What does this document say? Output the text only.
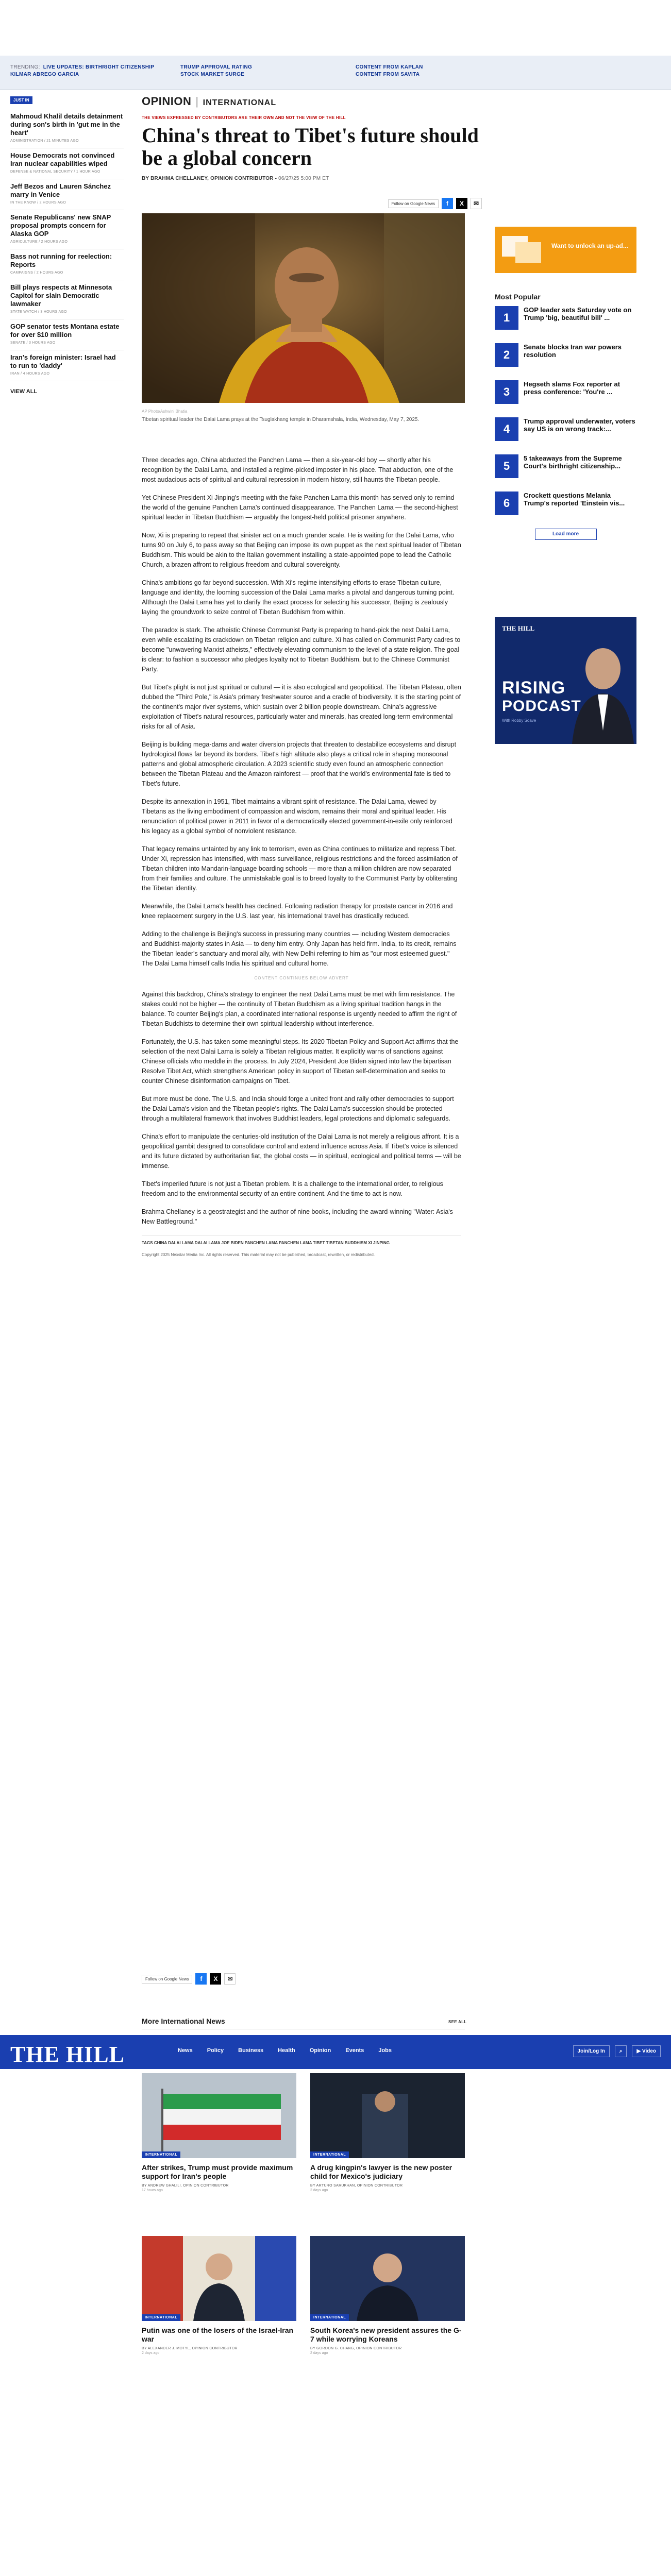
TRENDING: LIVE UPDATES: BIRTHRIGHT CITIZENSHIP
KILMAR ABREGO GARCIA
TRUMP APPROVAL RATING
STOCK MARKET SURGE
CONTENT FROM KAPLAN
CONTENT FROM SAVITA
JUST IN
Mahmoud Khalil details detainment during son's birth in 'gut me in the heart'
ADMINISTRATION / 21 MINUTES AGO
House Democrats not convinced Iran nuclear capabilities wiped
DEFENSE & NATIONAL SECURITY / 1 HOUR AGO
Jeff Bezos and Lauren Sánchez marry in Venice
IN THE KNOW / 2 HOURS AGO
Senate Republicans' new SNAP proposal prompts concern for Alaska GOP
AGRICULTURE / 2 HOURS AGO
Bass not running for reelection: Reports
CAMPAIGNS / 2 HOURS AGO
Bill plays respects at Minnesota Capitol for slain Democratic lawmaker
STATE WATCH / 3 HOURS AGO
GOP senator tests Montana estate for over $10 million
SENATE / 3 HOURS AGO
Iran's foreign minister: Israel had to run to 'daddy'
IRAN / 4 HOURS AGO
VIEW ALL
OPINION | INTERNATIONAL
THE VIEWS EXPRESSED BY CONTRIBUTORS ARE THEIR OWN AND NOT THE VIEW OF THE HILL
China's threat to Tibet's future should be a global concern
BY BRAHMA CHELLANEY, OPINION CONTRIBUTOR - 06/27/25 5:00 PM ET
Follow on Google News	f	X	✉
AP Photo/Ashwini Bhatia
Tibetan spiritual leader the Dalai Lama prays at the Tsuglakhang temple in Dharamshala, India, Wednesday, May 7, 2025.

Three decades ago, China abducted the Panchen Lama — then a six-year-old boy — shortly after his recognition by the Dalai Lama, and installed a regime-picked imposter in his place. That abduction, one of the most audacious acts of spiritual and cultural repression in modern history, still haunts the Tibetan people.

Yet Chinese President Xi Jinping's meeting with the fake Panchen Lama this month has served only to remind the world of the genuine Panchen Lama's continued disappearance. The Panchen Lama — the second-highest spiritual leader in Tibetan Buddhism — arguably the longest-held political prisoner anywhere.

Now, Xi is preparing to repeat that sinister act on a much grander scale. He is waiting for the Dalai Lama, who turns 90 on July 6, to pass away so that Beijing can impose its own puppet as the next spiritual leader of Tibetan Buddhism. This would be akin to the Italian government installing a state-appointed pope to lead the Catholic Church, a brazen affront to religious freedom and cultural sovereignty.

China's ambitions go far beyond succession. With Xi's regime intensifying efforts to erase Tibetan culture, language and identity, the looming succession of the Dalai Lama marks a pivotal and dangerous turning point. Although the Dalai Lama has yet to clarify the exact process for selecting his successor, Beijing is zealously laying the groundwork to seize control of Tibetan Buddhism from within.

The paradox is stark. The atheistic Chinese Communist Party is preparing to hand-pick the next Dalai Lama, even while escalating its crackdown on Tibetan religion and culture. Xi has called on Communist Party cadres to become "unwavering Marxist atheists," effectively elevating communism to the level of a state religion. The goal is clear: to fashion a successor who pledges loyalty not to Tibetan Buddhism, but to the Chinese Communist Party.

But Tibet's plight is not just spiritual or cultural — it is also ecological and geopolitical. The Tibetan Plateau, often dubbed the "Third Pole," is Asia's primary freshwater source and a cradle of biodiversity. It is the starting point of the continent's major river systems, which sustain over 2 billion people downstream. China's aggressive exploitation of Tibet's natural resources, particularly water and minerals, has created long-term environmental risks for all of Asia.

Beijing is building mega-dams and water diversion projects that threaten to destabilize ecosystems and disrupt hydrological flows far beyond its borders. Tibet's high altitude also plays a critical role in shaping monsoonal patterns and global atmospheric circulation. A 2023 scientific study even found an atmospheric connection between the Tibetan Plateau and the Amazon rainforest — proof that the world's environmental fate is tied to Tibet's future.

Despite its annexation in 1951, Tibet maintains a vibrant spirit of resistance. The Dalai Lama, viewed by Tibetans as the living embodiment of compassion and wisdom, remains their moral and spiritual leader. His renunciation of political power in 2011 in favor of a democratically elected government-in-exile only reinforced his legacy as a global symbol of nonviolent resistance.

That legacy remains untainted by any link to terrorism, even as China continues to militarize and repress Tibet. Under Xi, repression has intensified, with mass surveillance, religious restrictions and the forced assimilation of Tibetan children into Mandarin-language boarding schools — more than a million children are now separated from their families and culture. The unmistakable goal is to breed loyalty to the Communist Party by obliterating the Tibetan identity.

Meanwhile, the Dalai Lama's health has declined. Following radiation therapy for prostate cancer in 2016 and knee replacement surgery in the U.S. last year, his international travel has drastically reduced.

Adding to the challenge is Beijing's success in pressuring many countries — including Western democracies and Buddhist-majority states in Asia — to deny him entry. Only Japan has held firm. India, to its credit, remains the Tibetan leader's sanctuary and moral ally, with New Delhi referring to him as "our most esteemed guest." The Dalai Lama himself calls India his spiritual and cultural home.

CONTENT CONTINUES BELOW ADVERT

Against this backdrop, China's strategy to engineer the next Dalai Lama must be met with firm resistance. The stakes could not be higher — the continuity of Tibetan Buddhism as a living spiritual tradition hangs in the balance. To counter Beijing's plan, a coordinated international response is urgently needed to affirm the right of Tibetan Buddhists to determine their own spiritual leadership without interference.

Fortunately, the U.S. has taken some meaningful steps. Its 2020 Tibetan Policy and Support Act affirms that the selection of the next Dalai Lama is solely a Tibetan religious matter. It explicitly warns of sanctions against Chinese officials who meddle in the process. In July 2024, President Joe Biden signed into law the bipartisan Resolve Tibet Act, which strengthens American policy in support of Tibetan self-determination and seeks to counter Chinese disinformation campaigns on Tibet.

But more must be done. The U.S. and India should forge a united front and rally other democracies to support the Dalai Lama's vision and the Tibetan people's rights. The Dalai Lama's succession should be protected through a multilateral framework that involves Buddhist leaders, legal protections and diplomatic safeguards.

China's effort to manipulate the centuries-old institution of the Dalai Lama is not merely a religious affront. It is a geopolitical gambit designed to consolidate control and extend influence across Asia. If Tibet's voice is silenced and its future dictated by authoritarian fiat, the global costs — in spiritual, ecological and political terms — will be immense.

Tibet's imperiled future is not just a Tibetan problem. It is a challenge to the international order, to religious freedom and to the environmental security of an entire continent. And the time to act is now.

Brahma Chellaney is a geostrategist and the author of nine books, including the award-winning "Water: Asia's New Battleground."

TAGS CHINA DALAI LAMA DALAI LAMA JOE BIDEN PANCHEN LAMA PANCHEN LAMA TIBET TIBETAN BUDDHISM XI JINPING
Copyright 2025 Nexstar Media Inc. All rights reserved. This material may not be published, broadcast, rewritten, or redistributed.
Want to unlock an up-ad...
Most Popular
1
GOP leader sets Saturday vote on Trump 'big, beautiful bill' ...
2
Senate blocks Iran war powers resolution
3
Hegseth slams Fox reporter at press conference: 'You're ...
4
Trump approval underwater, voters say US is on wrong track:...
5
5 takeaways from the Supreme Court's birthright citizenship...
6
Crockett questions Melania Trump's reported 'Einstein vis...
Load more
THE HILL
RISING
PODCAST
With Robby Soave
Follow on Google News	f	X	✉
More International News	SEE ALL
THE HILL	News	Policy	Business	Health	Opinion	Events	Jobs	Join/Log In	⌕	▶ Video
INTERNATIONAL
After strikes, Trump must provide maximum support for Iran's people
BY ANDREW GHALILI, OPINION CONTRIBUTOR
17 hours ago
INTERNATIONAL
A drug kingpin's lawyer is the new poster child for Mexico's judiciary
BY ARTURO SARUKHAN, OPINION CONTRIBUTOR
2 days ago
INTERNATIONAL
Putin was one of the losers of the Israel-Iran war
BY ALEXANDER J. MOTYL, OPINION CONTRIBUTOR
2 days ago
INTERNATIONAL
South Korea's new president assures the G-7 while worrying Koreans
BY GORDON G. CHANG, OPINION CONTRIBUTOR
2 days ago
